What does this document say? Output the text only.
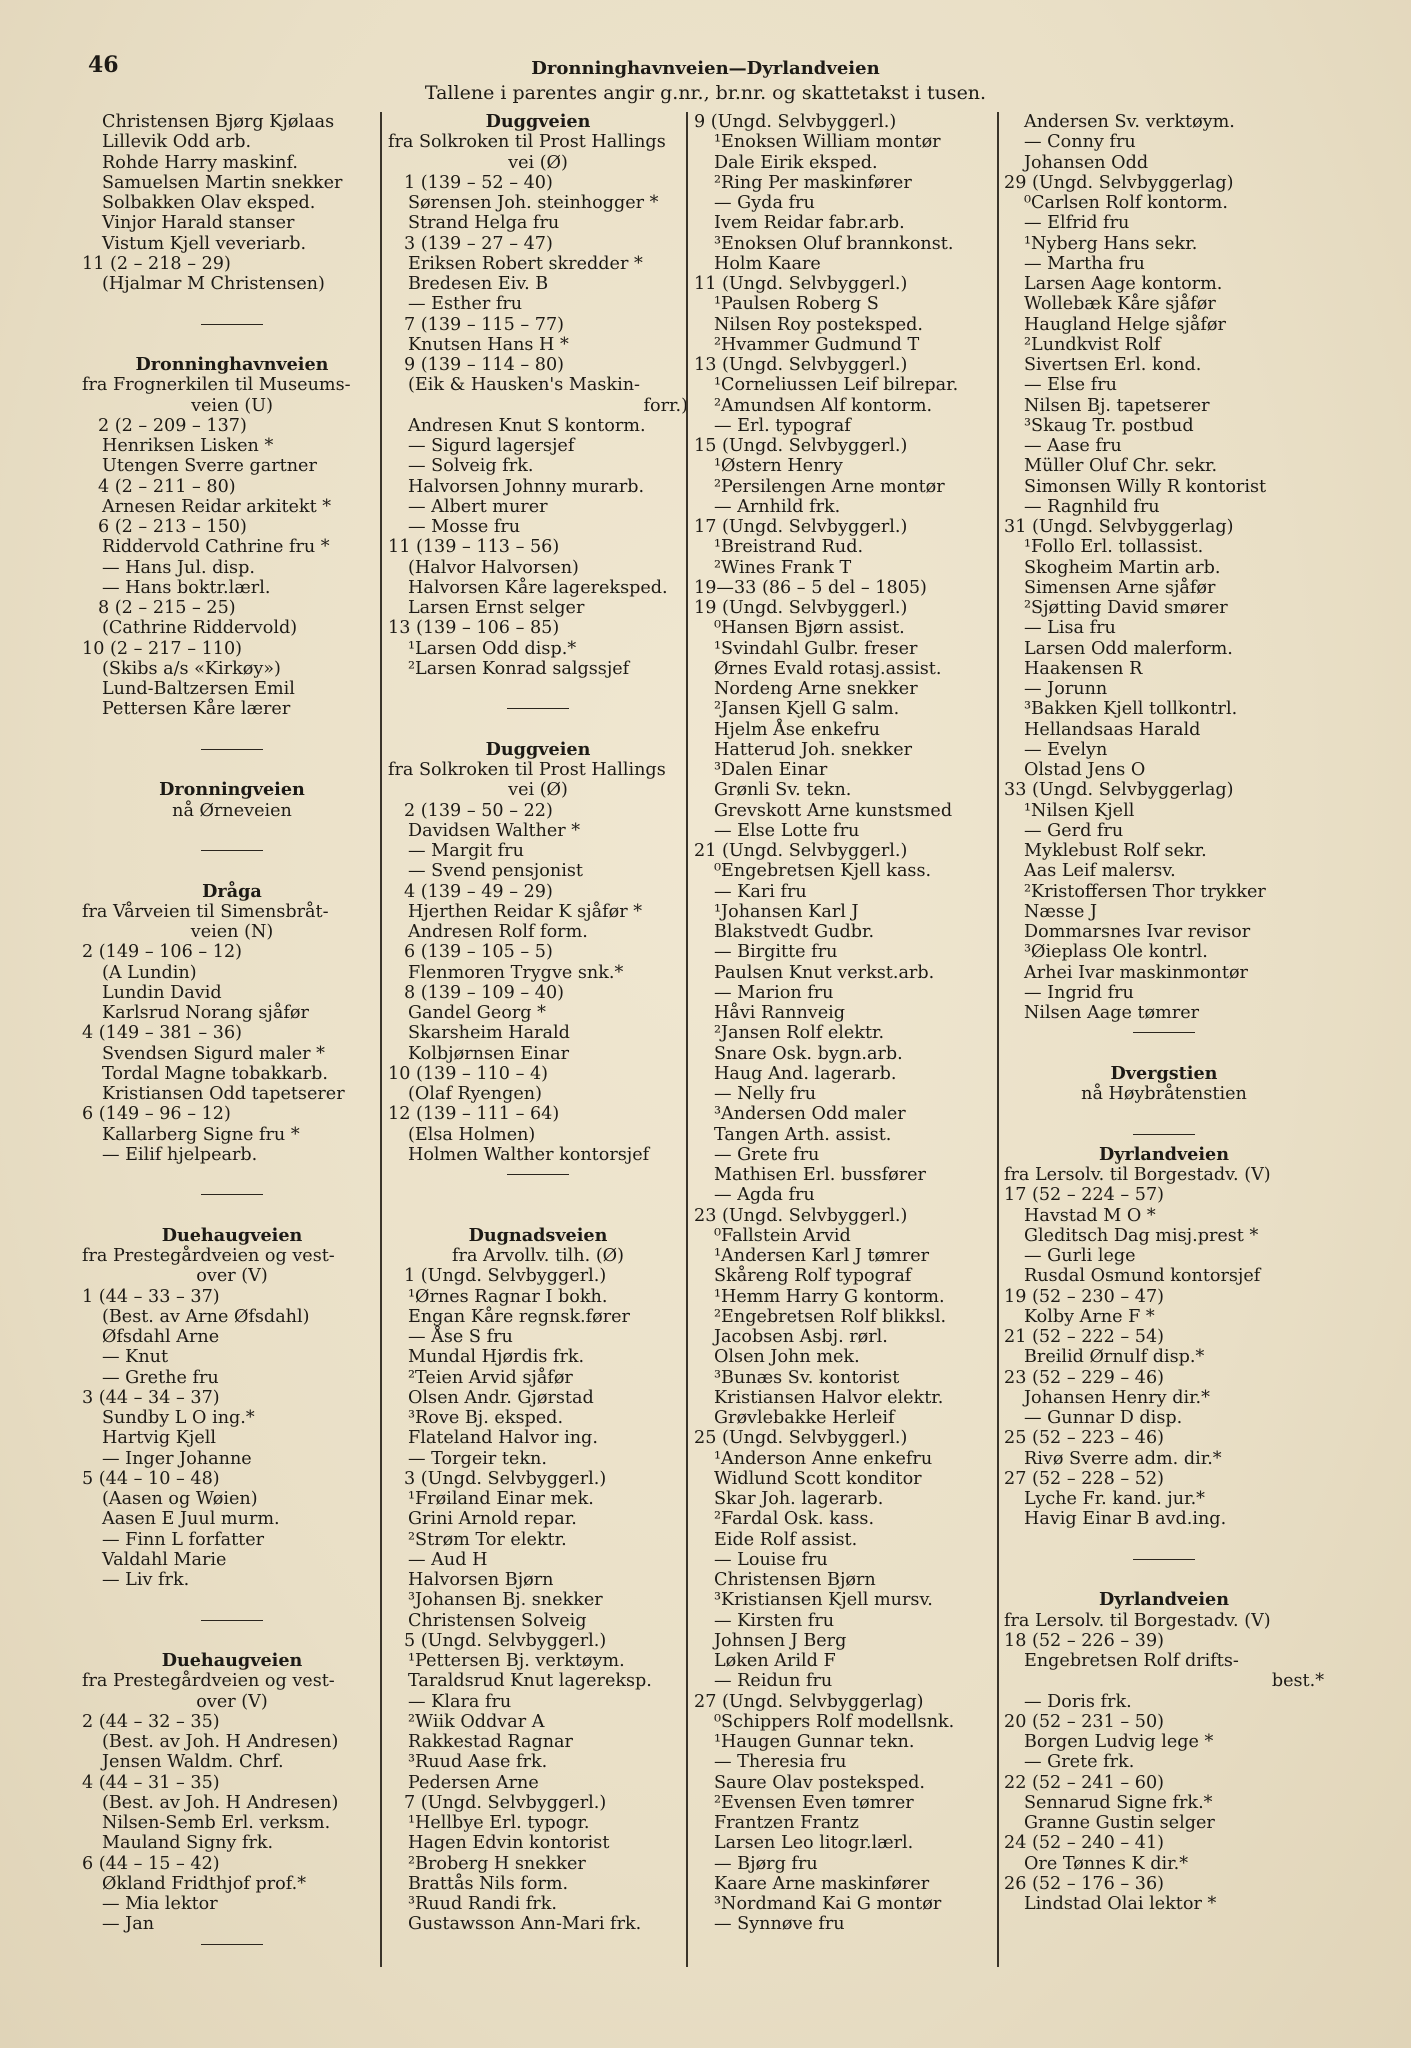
46	Dronninghavnveien—Dyrlandveien
Tallene i parentes angir g.nr., br.nr. og skattetakst i tusen.
Christensen Bjørg Kjølaas
Lillevik Odd arb.
Rohde Harry maskinf.
Samuelsen Martin snekker
Solbakken Olav eksped.
Vinjor Harald stanser
Vistum Kjell veveriarb.
11 (2 – 218 – 29)
(Hjalmar M Christensen)
Dronninghavnveien
fra Frognerkilen til Museums-
veien (U)
2 (2 – 209 – 137)
Henriksen Lisken *
Utengen Sverre gartner
4 (2 – 211 – 80)
Arnesen Reidar arkitekt *
6 (2 – 213 – 150)
Riddervold Cathrine fru *
— Hans Jul. disp.
— Hans boktr.lærl.
8 (2 – 215 – 25)
(Cathrine Riddervold)
10 (2 – 217 – 110)
(Skibs a/s «Kirkøy»)
Lund-Baltzersen Emil
Pettersen Kåre lærer
Dronningveien
nå Ørneveien
Dråga
fra Vårveien til Simensbråt-
veien (N)
2 (149 – 106 – 12)
(A Lundin)
Lundin David
Karlsrud Norang sjåfør
4 (149 – 381 – 36)
Svendsen Sigurd maler *
Tordal Magne tobakkarb.
Kristiansen Odd tapetserer
6 (149 – 96 – 12)
Kallarberg Signe fru *
— Eilif hjelpearb.
Duehaugveien
fra Prestegårdveien og vest-
over (V)
1 (44 – 33 – 37)
(Best. av Arne Øfsdahl)
Øfsdahl Arne
— Knut
— Grethe fru
3 (44 – 34 – 37)
Sundby L O ing.*
Hartvig Kjell
— Inger Johanne
5 (44 – 10 – 48)
(Aasen og Wøien)
Aasen E Juul murm.
— Finn L forfatter
Valdahl Marie
— Liv frk.
Duehaugveien
fra Prestegårdveien og vest-
over (V)
2 (44 – 32 – 35)
(Best. av Joh. H Andresen)
Jensen Waldm. Chrf.
4 (44 – 31 – 35)
(Best. av Joh. H Andresen)
Nilsen-Semb Erl. verksm.
Mauland Signy frk.
6 (44 – 15 – 42)
Økland Fridthjof prof.*
— Mia lektor
— Jan
Duggveien
fra Solkroken til Prost Hallings
vei (Ø)
1 (139 – 52 – 40)
Sørensen Joh. steinhogger *
Strand Helga fru
3 (139 – 27 – 47)
Eriksen Robert skredder *
Bredesen Eiv. B
— Esther fru
7 (139 – 115 – 77)
Knutsen Hans H *
9 (139 – 114 – 80)
(Eik & Hausken's Maskin-
forr.)
Andresen Knut S kontorm.
— Sigurd lagersjef
— Solveig frk.
Halvorsen Johnny murarb.
— Albert murer
— Mosse fru
11 (139 – 113 – 56)
(Halvor Halvorsen)
Halvorsen Kåre lagereksped.
Larsen Ernst selger
13 (139 – 106 – 85)
¹Larsen Odd disp.*
²Larsen Konrad salgssjef
Duggveien
fra Solkroken til Prost Hallings
vei (Ø)
2 (139 – 50 – 22)
Davidsen Walther *
— Margit fru
— Svend pensjonist
4 (139 – 49 – 29)
Hjerthen Reidar K sjåfør *
Andresen Rolf form.
6 (139 – 105 – 5)
Flenmoren Trygve snk.*
8 (139 – 109 – 40)
Gandel Georg *
Skarsheim Harald
Kolbjørnsen Einar
10 (139 – 110 – 4)
(Olaf Ryengen)
12 (139 – 111 – 64)
(Elsa Holmen)
Holmen Walther kontorsjef
Dugnadsveien
fra Arvollv. tilh. (Ø)
1 (Ungd. Selvbyggerl.)
¹Ørnes Ragnar I bokh.
Engan Kåre regnsk.fører
— Åse S fru
Mundal Hjørdis frk.
²Teien Arvid sjåfør
Olsen Andr. Gjørstad
³Rove Bj. eksped.
Flateland Halvor ing.
— Torgeir tekn.
3 (Ungd. Selvbyggerl.)
¹Frøiland Einar mek.
Grini Arnold repar.
²Strøm Tor elektr.
— Aud H
Halvorsen Bjørn
³Johansen Bj. snekker
Christensen Solveig
5 (Ungd. Selvbyggerl.)
¹Pettersen Bj. verktøym.
Taraldsrud Knut lagereksp.
— Klara fru
²Wiik Oddvar A
Rakkestad Ragnar
³Ruud Aase frk.
Pedersen Arne
7 (Ungd. Selvbyggerl.)
¹Hellbye Erl. typogr.
Hagen Edvin kontorist
²Broberg H snekker
Brattås Nils form.
³Ruud Randi frk.
Gustawsson Ann-Mari frk.
9 (Ungd. Selvbyggerl.)
¹Enoksen William montør
Dale Eirik eksped.
²Ring Per maskinfører
— Gyda fru
Ivem Reidar fabr.arb.
³Enoksen Oluf brannkonst.
Holm Kaare
11 (Ungd. Selvbyggerl.)
¹Paulsen Roberg S
Nilsen Roy posteksped.
²Hvammer Gudmund T
13 (Ungd. Selvbyggerl.)
¹Corneliussen Leif bilrepar.
²Amundsen Alf kontorm.
— Erl. typograf
15 (Ungd. Selvbyggerl.)
¹Østern Henry
²Persilengen Arne montør
— Arnhild frk.
17 (Ungd. Selvbyggerl.)
¹Breistrand Rud.
²Wines Frank T
19—33 (86 – 5 del – 1805)
19 (Ungd. Selvbyggerl.)
⁰Hansen Bjørn assist.
¹Svindahl Gulbr. freser
Ørnes Evald rotasj.assist.
Nordeng Arne snekker
²Jansen Kjell G salm.
Hjelm Åse enkefru
Hatterud Joh. snekker
³Dalen Einar
Grønli Sv. tekn.
Grevskott Arne kunstsmed
— Else Lotte fru
21 (Ungd. Selvbyggerl.)
⁰Engebretsen Kjell kass.
— Kari fru
¹Johansen Karl J
Blakstvedt Gudbr.
— Birgitte fru
Paulsen Knut verkst.arb.
— Marion fru
Håvi Rannveig
²Jansen Rolf elektr.
Snare Osk. bygn.arb.
Haug And. lagerarb.
— Nelly fru
³Andersen Odd maler
Tangen Arth. assist.
— Grete fru
Mathisen Erl. bussfører
— Agda fru
23 (Ungd. Selvbyggerl.)
⁰Fallstein Arvid
¹Andersen Karl J tømrer
Skåreng Rolf typograf
¹Hemm Harry G kontorm.
²Engebretsen Rolf blikksl.
Jacobsen Asbj. rørl.
Olsen John mek.
³Bunæs Sv. kontorist
Kristiansen Halvor elektr.
Grøvlebakke Herleif
25 (Ungd. Selvbyggerl.)
¹Anderson Anne enkefru
Widlund Scott konditor
Skar Joh. lagerarb.
²Fardal Osk. kass.
Eide Rolf assist.
— Louise fru
Christensen Bjørn
³Kristiansen Kjell mursv.
— Kirsten fru
Johnsen J Berg
Løken Arild F
— Reidun fru
27 (Ungd. Selvbyggerlag)
⁰Schippers Rolf modellsnk.
¹Haugen Gunnar tekn.
— Theresia fru
Saure Olav posteksped.
²Evensen Even tømrer
Frantzen Frantz
Larsen Leo litogr.lærl.
— Bjørg fru
Kaare Arne maskinfører
³Nordmand Kai G montør
— Synnøve fru
Andersen Sv. verktøym.
— Conny fru
Johansen Odd
29 (Ungd. Selvbyggerlag)
⁰Carlsen Rolf kontorm.
— Elfrid fru
¹Nyberg Hans sekr.
— Martha fru
Larsen Aage kontorm.
Wollebæk Kåre sjåfør
Haugland Helge sjåfør
²Lundkvist Rolf
Sivertsen Erl. kond.
— Else fru
Nilsen Bj. tapetserer
³Skaug Tr. postbud
— Aase fru
Müller Oluf Chr. sekr.
Simonsen Willy R kontorist
— Ragnhild fru
31 (Ungd. Selvbyggerlag)
¹Follo Erl. tollassist.
Skogheim Martin arb.
Simensen Arne sjåfør
²Sjøtting David smører
— Lisa fru
Larsen Odd malerform.
Haakensen R
— Jorunn
³Bakken Kjell tollkontrl.
Hellandsaas Harald
— Evelyn
Olstad Jens O
33 (Ungd. Selvbyggerlag)
¹Nilsen Kjell
— Gerd fru
Myklebust Rolf sekr.
Aas Leif malersv.
²Kristoffersen Thor trykker
Næsse J
Dommarsnes Ivar revisor
³Øieplass Ole kontrl.
Arhei Ivar maskinmontør
— Ingrid fru
Nilsen Aage tømrer
Dvergstien
nå Høybråtenstien
Dyrlandveien
fra Lersolv. til Borgestadv. (V)
17 (52 – 224 – 57)
Havstad M O *
Gleditsch Dag misj.prest *
— Gurli lege
Rusdal Osmund kontorsjef
19 (52 – 230 – 47)
Kolby Arne F *
21 (52 – 222 – 54)
Breilid Ørnulf disp.*
23 (52 – 229 – 46)
Johansen Henry dir.*
— Gunnar D disp.
25 (52 – 223 – 46)
Rivø Sverre adm. dir.*
27 (52 – 228 – 52)
Lyche Fr. kand. jur.*
Havig Einar B avd.ing.
Dyrlandveien
fra Lersolv. til Borgestadv. (V)
18 (52 – 226 – 39)
Engebretsen Rolf drifts-
best.*
— Doris frk.
20 (52 – 231 – 50)
Borgen Ludvig lege *
— Grete frk.
22 (52 – 241 – 60)
Sennarud Signe frk.*
Granne Gustin selger
24 (52 – 240 – 41)
Ore Tønnes K dir.*
26 (52 – 176 – 36)
Lindstad Olai lektor *
